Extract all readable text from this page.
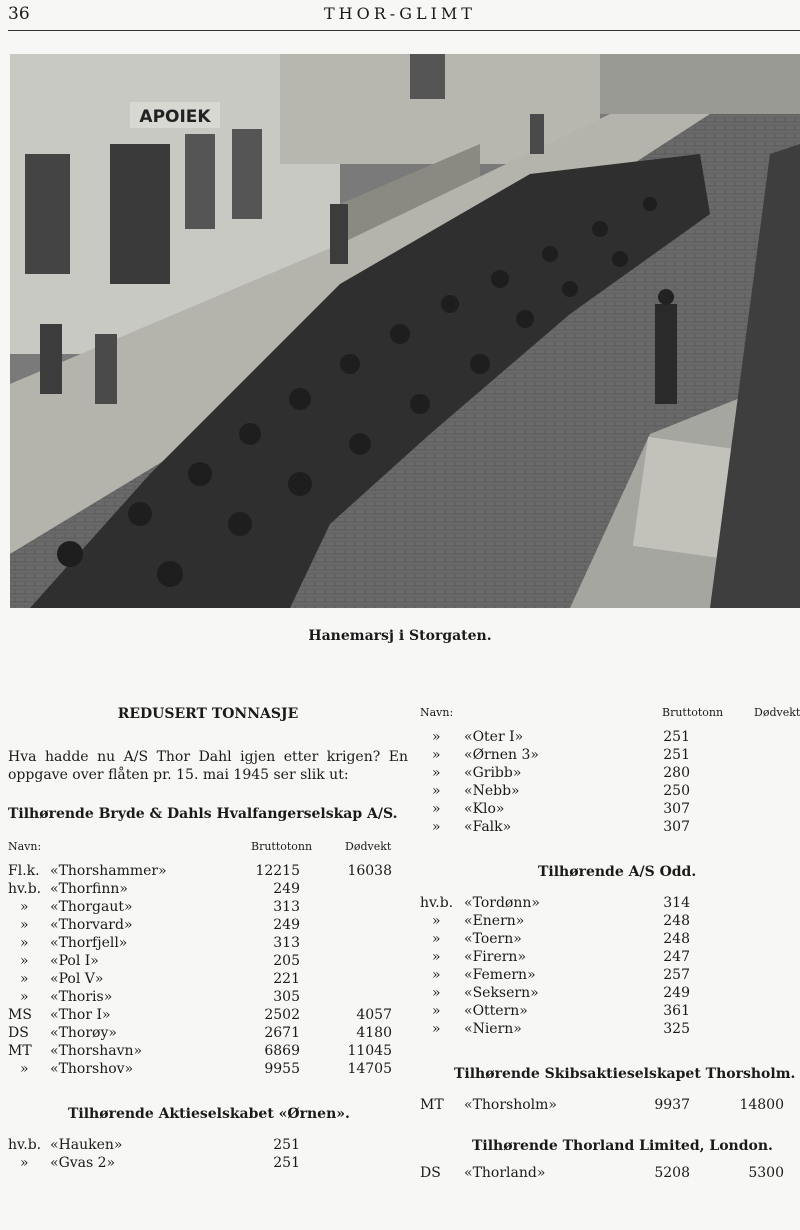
36	THOR-GLIMT
APOIEK
Hanemarsj i Storgaten.
REDUSERT TONNASJE

Hva hadde nu A/S Thor Dahl igjen etter krigen? En oppgave over flåten pr. 15. mai 1945 ser slik ut:

Tilhørende Bryde & Dahls Hvalfangerselskap A/S.

Navn:	Bruttotonn	Dødvekt
Fl.k. «Thorshammer»	12215	16038
hv.b. «Thorfinn»	249
» «Thorgaut»	313
» «Thorvard»	249
» «Thorfjell»	313
» «Pol I»	205
» «Pol V»	221
» «Thoris»	305
MS «Thor I»	2502	4057
DS «Thorøy»	2671	4180
MT «Thorshavn»	6869	11045
» «Thorshov»	9955	14705

Tilhørende Aktieselskabet «Ørnen».

hv.b. «Hauken»	251
» «Gvas 2»	251
Navn:	Bruttotonn	Dødvekt
» «Oter I»	251
» «Ørnen 3»	251
» «Gribb»	280
» «Nebb»	250
» «Klo»	307
» «Falk»	307

Tilhørende A/S Odd.

hv.b. «Tordønn»	314
» «Enern»	248
» «Toern»	248
» «Firern»	247
» «Femern»	257
» «Seksern»	249
» «Ottern»	361
» «Niern»	325

Tilhørende Skibsaktieselskapet Thorsholm.

MT «Thorsholm»	9937	14800

Tilhørende Thorland Limited, London.

DS «Thorland»	5208	5300
